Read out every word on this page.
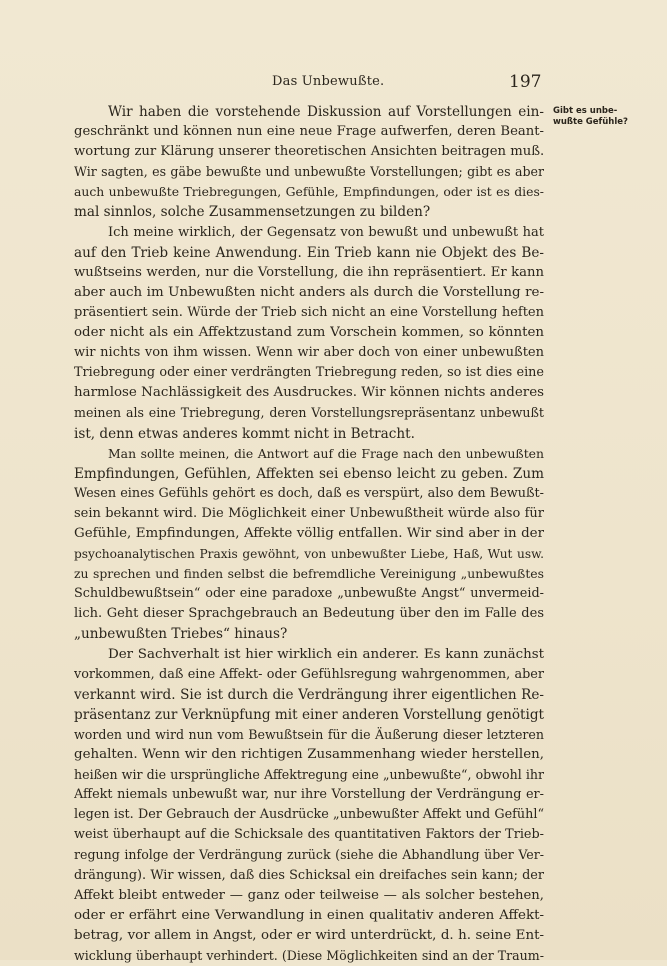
Das Unbewußte.	197
Gibt es unbe-
wußte Gefühle?
Wir haben die vorstehende Diskussion auf Vorstellungen ein-
geschränkt und können nun eine neue Frage aufwerfen, deren Beant-
wortung zur Klärung unserer theoretischen Ansichten beitragen muß.
Wir sagten, es gäbe bewußte und unbewußte Vorstellungen; gibt es aber
auch unbewußte Triebregungen, Gefühle, Empfindungen, oder ist es dies-
mal sinnlos, solche Zusammensetzungen zu bilden?
Ich meine wirklich, der Gegensatz von bewußt und unbewußt hat
auf den Trieb keine Anwendung. Ein Trieb kann nie Objekt des Be-
wußtseins werden, nur die Vorstellung, die ihn repräsentiert. Er kann
aber auch im Unbewußten nicht anders als durch die Vorstellung re-
präsentiert sein. Würde der Trieb sich nicht an eine Vorstellung heften
oder nicht als ein Affektzustand zum Vorschein kommen, so könnten
wir nichts von ihm wissen. Wenn wir aber doch von einer unbewußten
Triebregung oder einer verdrängten Triebregung reden, so ist dies eine
harmlose Nachlässigkeit des Ausdruckes. Wir können nichts anderes
meinen als eine Triebregung, deren Vorstellungsrepräsentanz unbewußt
ist, denn etwas anderes kommt nicht in Betracht.
Man sollte meinen, die Antwort auf die Frage nach den unbewußten
Empfindungen, Gefühlen, Affekten sei ebenso leicht zu geben. Zum
Wesen eines Gefühls gehört es doch, daß es verspürt, also dem Bewußt-
sein bekannt wird. Die Möglichkeit einer Unbewußtheit würde also für
Gefühle, Empfindungen, Affekte völlig entfallen. Wir sind aber in der
psychoanalytischen Praxis gewöhnt, von unbewußter Liebe, Haß, Wut usw.
zu sprechen und finden selbst die befremdliche Vereinigung „unbewußtes
Schuldbewußtsein“ oder eine paradoxe „unbewußte Angst“ unvermeid-
lich. Geht dieser Sprachgebrauch an Bedeutung über den im Falle des
„unbewußten Triebes“ hinaus?
Der Sachverhalt ist hier wirklich ein anderer. Es kann zunächst
vorkommen, daß eine Affekt- oder Gefühlsregung wahrgenommen, aber
verkannt wird. Sie ist durch die Verdrängung ihrer eigentlichen Re-
präsentanz zur Verknüpfung mit einer anderen Vorstellung genötigt
worden und wird nun vom Bewußtsein für die Äußerung dieser letzteren
gehalten. Wenn wir den richtigen Zusammenhang wieder herstellen,
heißen wir die ursprüngliche Affektregung eine „unbewußte“, obwohl ihr
Affekt niemals unbewußt war, nur ihre Vorstellung der Verdrängung er-
legen ist. Der Gebrauch der Ausdrücke „unbewußter Affekt und Gefühl“
weist überhaupt auf die Schicksale des quantitativen Faktors der Trieb-
regung infolge der Verdrängung zurück (siehe die Abhandlung über Ver-
drängung). Wir wissen, daß dies Schicksal ein dreifaches sein kann; der
Affekt bleibt entweder — ganz oder teilweise — als solcher bestehen,
oder er erfährt eine Verwandlung in einen qualitativ anderen Affekt-
betrag, vor allem in Angst, oder er wird unterdrückt, d. h. seine Ent-
wicklung überhaupt verhindert. (Diese Möglichkeiten sind an der Traum-
